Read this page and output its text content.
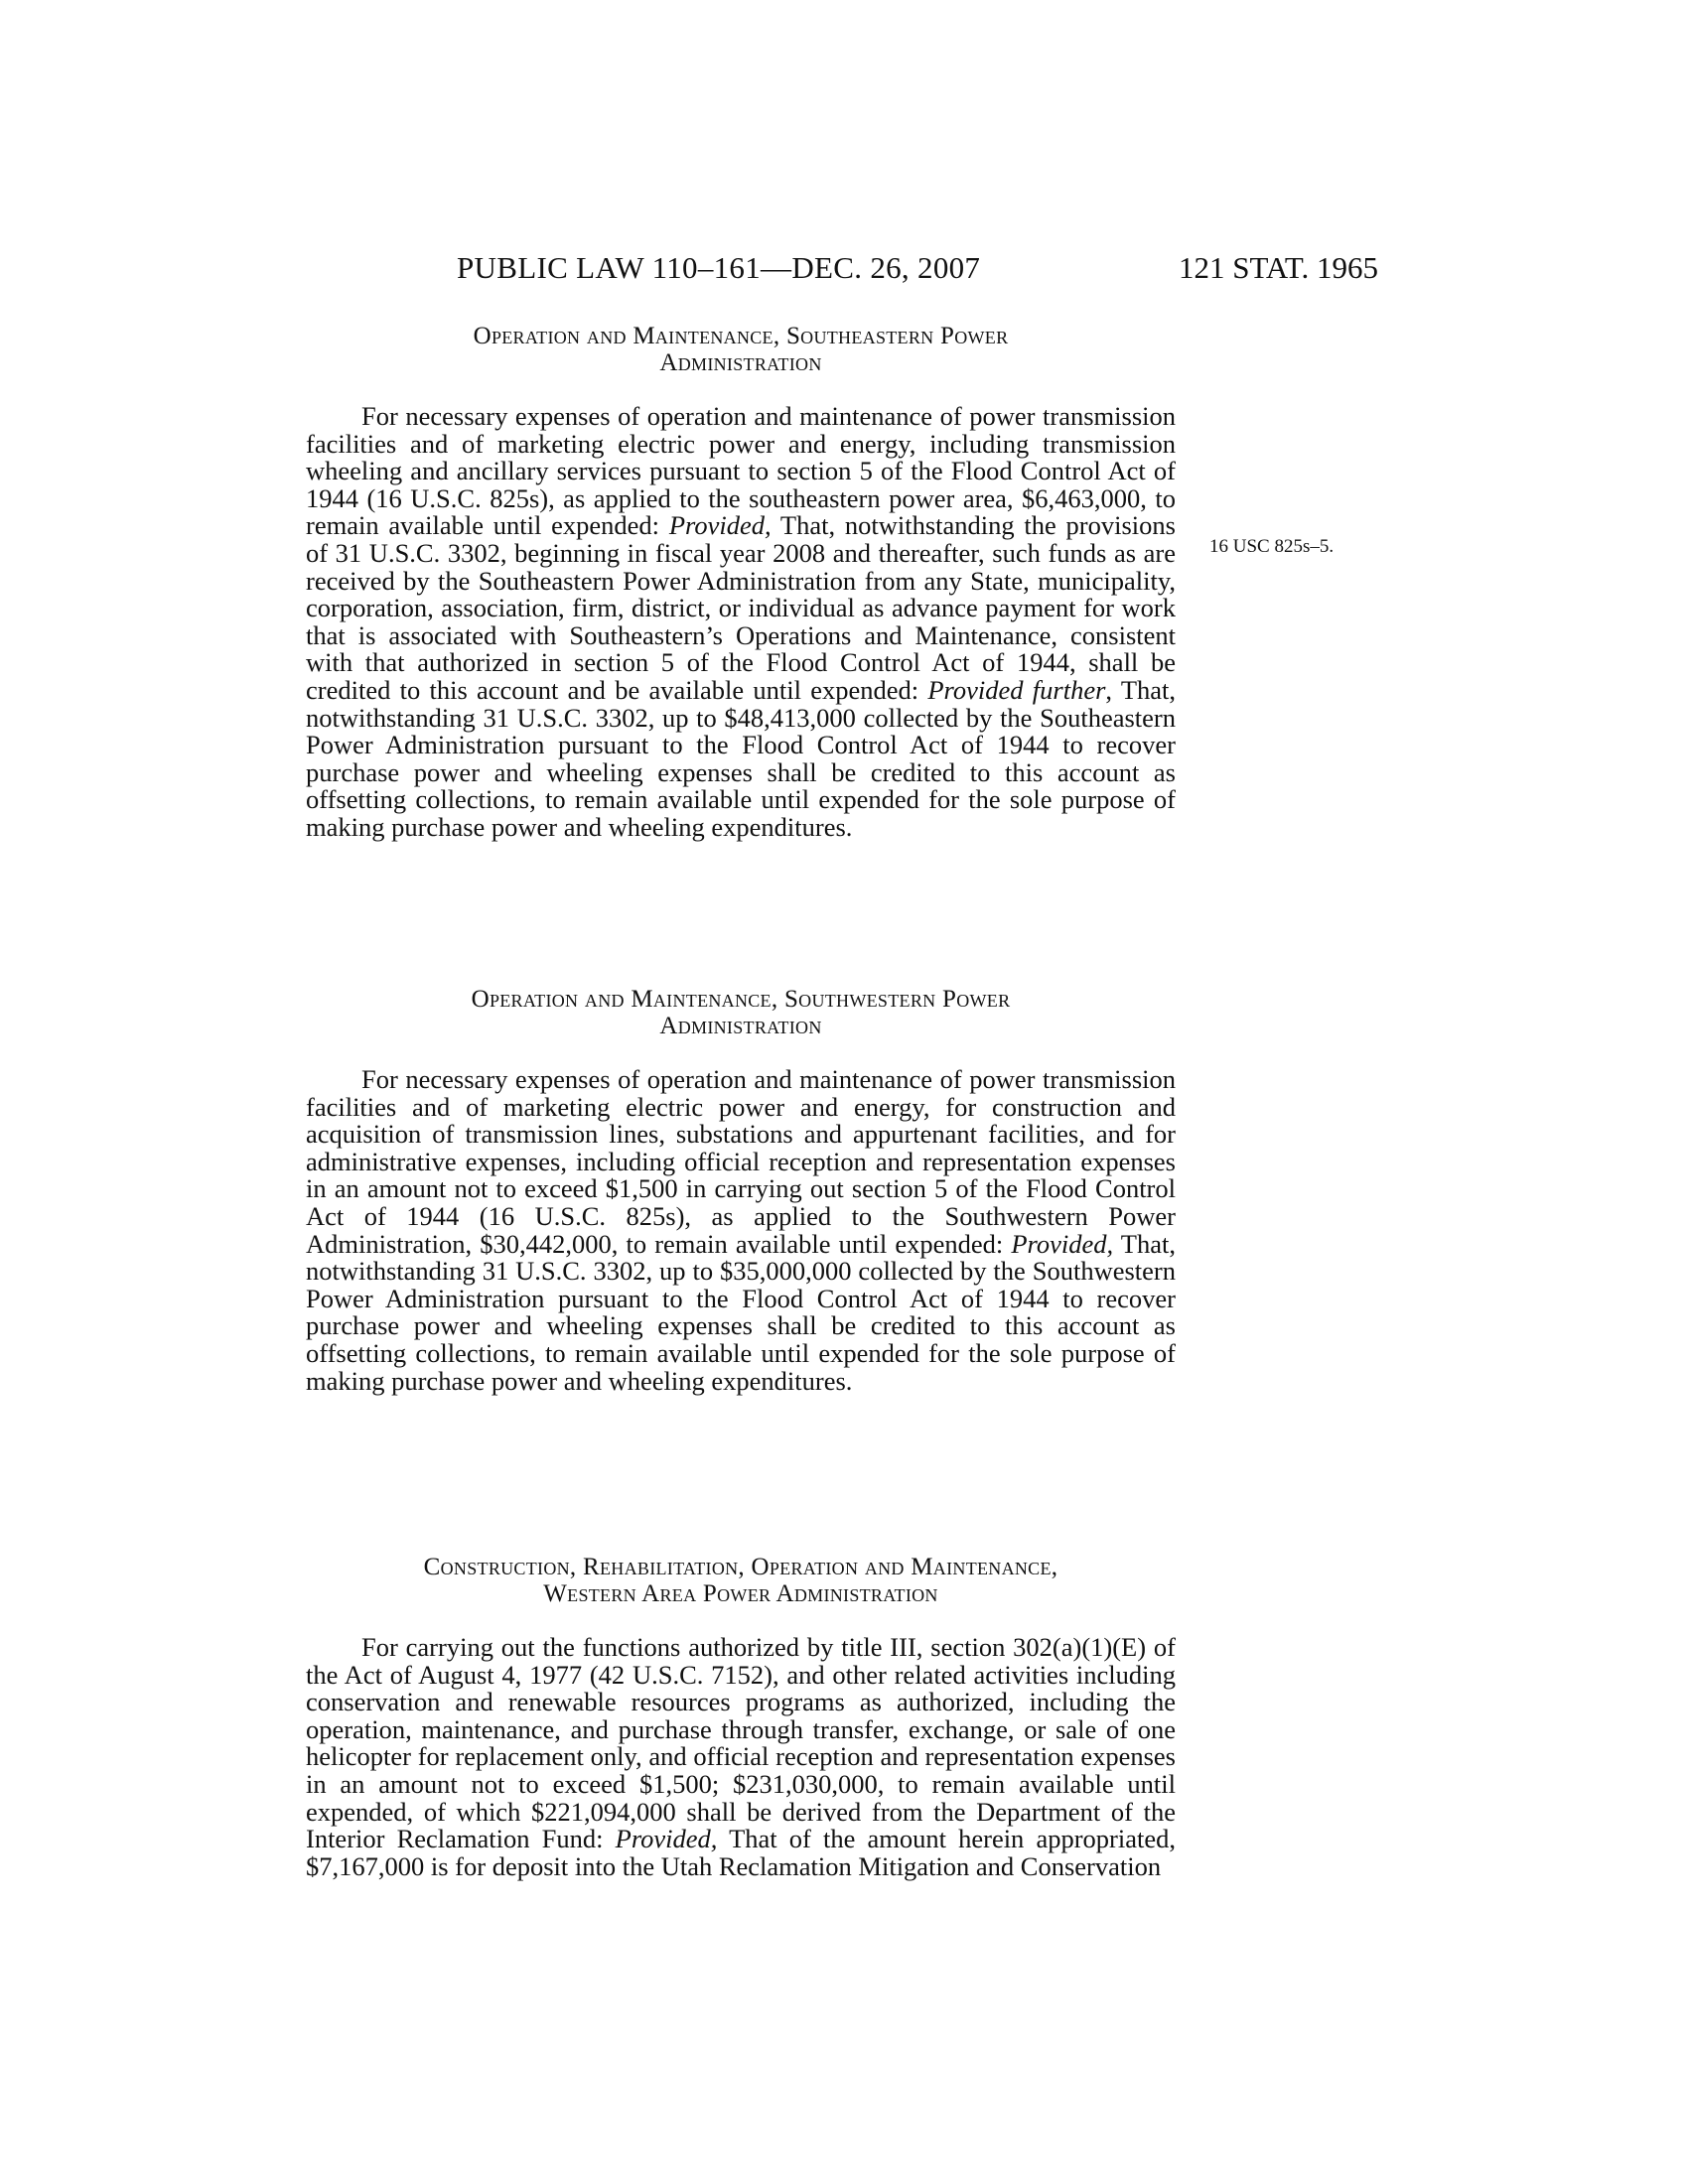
PUBLIC LAW 110–161—DEC. 26, 2007	121 STAT. 1965
16 USC 825s–5.
Operation and Maintenance, Southeastern Power
Administration

For necessary expenses of operation and maintenance of power transmission facilities and of marketing electric power and energy, including transmission wheeling and ancillary services pursuant to section 5 of the Flood Control Act of 1944 (16 U.S.C. 825s), as applied to the southeastern power area, $6,463,000, to remain available until expended: Provided, That, notwithstanding the provisions of 31 U.S.C. 3302, beginning in fiscal year 2008 and thereafter, such funds as are received by the Southeastern Power Administration from any State, municipality, corporation, association, firm, district, or individual as advance payment for work that is associated with Southeastern’s Operations and Maintenance, consistent with that authorized in section 5 of the Flood Control Act of 1944, shall be credited to this account and be available until expended: Provided further, That, notwithstanding 31 U.S.C. 3302, up to $48,413,000 collected by the Southeastern Power Administration pursuant to the Flood Control Act of 1944 to recover purchase power and wheeling expenses shall be credited to this account as offsetting collections, to remain available until expended for the sole purpose of making purchase power and wheeling expenditures.

Operation and Maintenance, Southwestern Power
Administration

For necessary expenses of operation and maintenance of power transmission facilities and of marketing electric power and energy, for construction and acquisition of transmission lines, substations and appurtenant facilities, and for administrative expenses, including official reception and representation expenses in an amount not to exceed $1,500 in carrying out section 5 of the Flood Control Act of 1944 (16 U.S.C. 825s), as applied to the Southwestern Power Administration, $30,442,000, to remain available until expended: Provided, That, notwithstanding 31 U.S.C. 3302, up to $35,000,000 collected by the Southwestern Power Administration pursuant to the Flood Control Act of 1944 to recover purchase power and wheeling expenses shall be credited to this account as offsetting collections, to remain available until expended for the sole purpose of making purchase power and wheeling expenditures.

Construction, Rehabilitation, Operation and Maintenance,
Western Area Power Administration

For carrying out the functions authorized by title III, section 302(a)(1)(E) of the Act of August 4, 1977 (42 U.S.C. 7152), and other related activities including conservation and renewable resources programs as authorized, including the operation, maintenance, and purchase through transfer, exchange, or sale of one helicopter for replacement only, and official reception and representation expenses in an amount not to exceed $1,500; $231,030,000, to remain available until expended, of which $221,094,000 shall be derived from the Department of the Interior Reclamation Fund: Provided, That of the amount herein appropriated, $7,167,000 is for deposit into the Utah Reclamation Mitigation and Conservation
